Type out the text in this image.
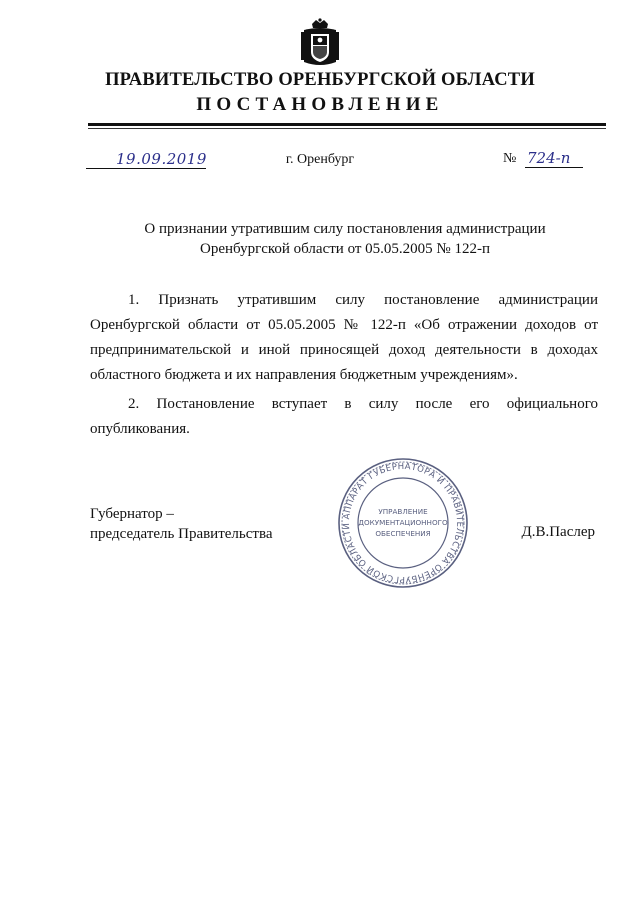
ПРАВИТЕЛЬСТВО ОРЕНБУРГСКОЙ ОБЛАСТИ
ПОСТАНОВЛЕНИЕ
19.09.2019	г. Оренбург	№ 724-п
О признании утратившим силу постановления администрации
Оренбургской области от 05.05.2005 № 122-п

1. Признать утратившим силу постановление администрации Оренбургской области от 05.05.2005 № 122-п «Об отражении доходов от предпринимательской и иной приносящей доход деятельности в доходах областного бюджета и их направления бюджетным учреждениям».

2. Постановление вступает в силу после его официального опубликования.

Губернатор –
председатель Правительства	Д.В.Паслер
АППАРАТ ГУБЕРНАТОРА И ПРАВИТЕЛЬСТВА ОРЕНБУРГСКОЙ ОБЛАСТИ
УПРАВЛЕНИЕ
ДОКУМЕНТАЦИОННОГО
ОБЕСПЕЧЕНИЯ
